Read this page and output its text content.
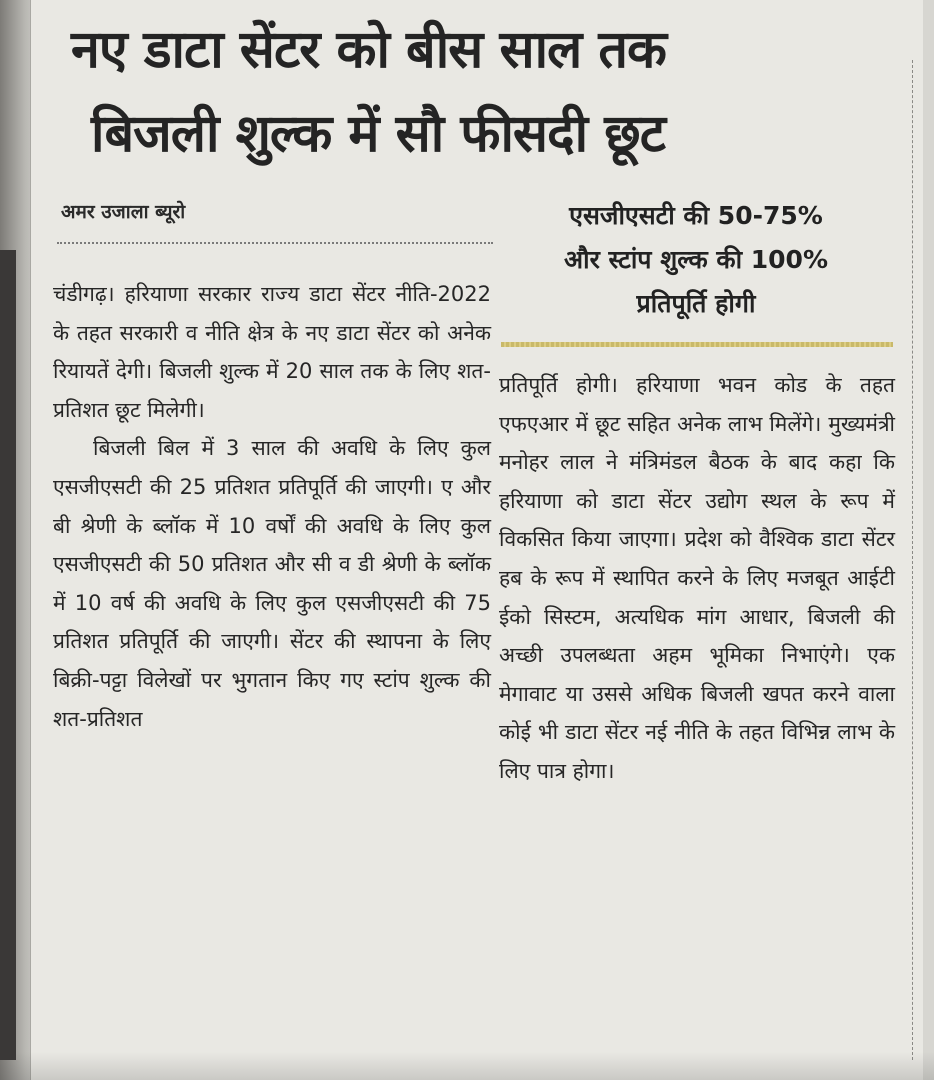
नए डाटा सेंटर को बीस साल तक
बिजली शुल्क में सौ फीसदी छूट
अमर उजाला ब्यूरो	एसजीएसटी की 50-75%
और स्टांप शुल्क की 100%
प्रतिपूर्ति होगी

चंडीगढ़। हरियाणा सरकार राज्य डाटा सेंटर नीति-2022 के तहत सरकारी व नीति क्षेत्र के नए डाटा सेंटर को अनेक रियायतें देगी। बिजली शुल्क में 20 साल तक के लिए शत-प्रतिशत छूट मिलेगी।

बिजली बिल में 3 साल की अवधि के लिए कुल एसजीएसटी की 25 प्रतिशत प्रतिपूर्ति की जाएगी। ए और बी श्रेणी के ब्लॉक में 10 वर्षों की अवधि के लिए कुल एसजीएसटी की 50 प्रतिशत और सी व डी श्रेणी के ब्लॉक में 10 वर्ष की अवधि के लिए कुल एसजीएसटी की 75 प्रतिशत प्रतिपूर्ति की जाएगी। सेंटर की स्थापना के लिए बिक्री-पट्टा विलेखों पर भुगतान किए गए स्टांप शुल्क की शत-प्रतिशत

प्रतिपूर्ति होगी। हरियाणा भवन कोड के तहत एफएआर में छूट सहित अनेक लाभ मिलेंगे। मुख्यमंत्री मनोहर लाल ने मंत्रिमंडल बैठक के बाद कहा कि हरियाणा को डाटा सेंटर उद्योग स्थल के रूप में विकसित किया जाएगा। प्रदेश को वैश्विक डाटा सेंटर हब के रूप में स्थापित करने के लिए मजबूत आईटी ईको सिस्टम, अत्यधिक मांग आधार, बिजली की अच्छी उपलब्धता अहम भूमिका निभाएंगे। एक मेगावाट या उससे अधिक बिजली खपत करने वाला कोई भी डाटा सेंटर नई नीति के तहत विभिन्न लाभ के लिए पात्र होगा।
